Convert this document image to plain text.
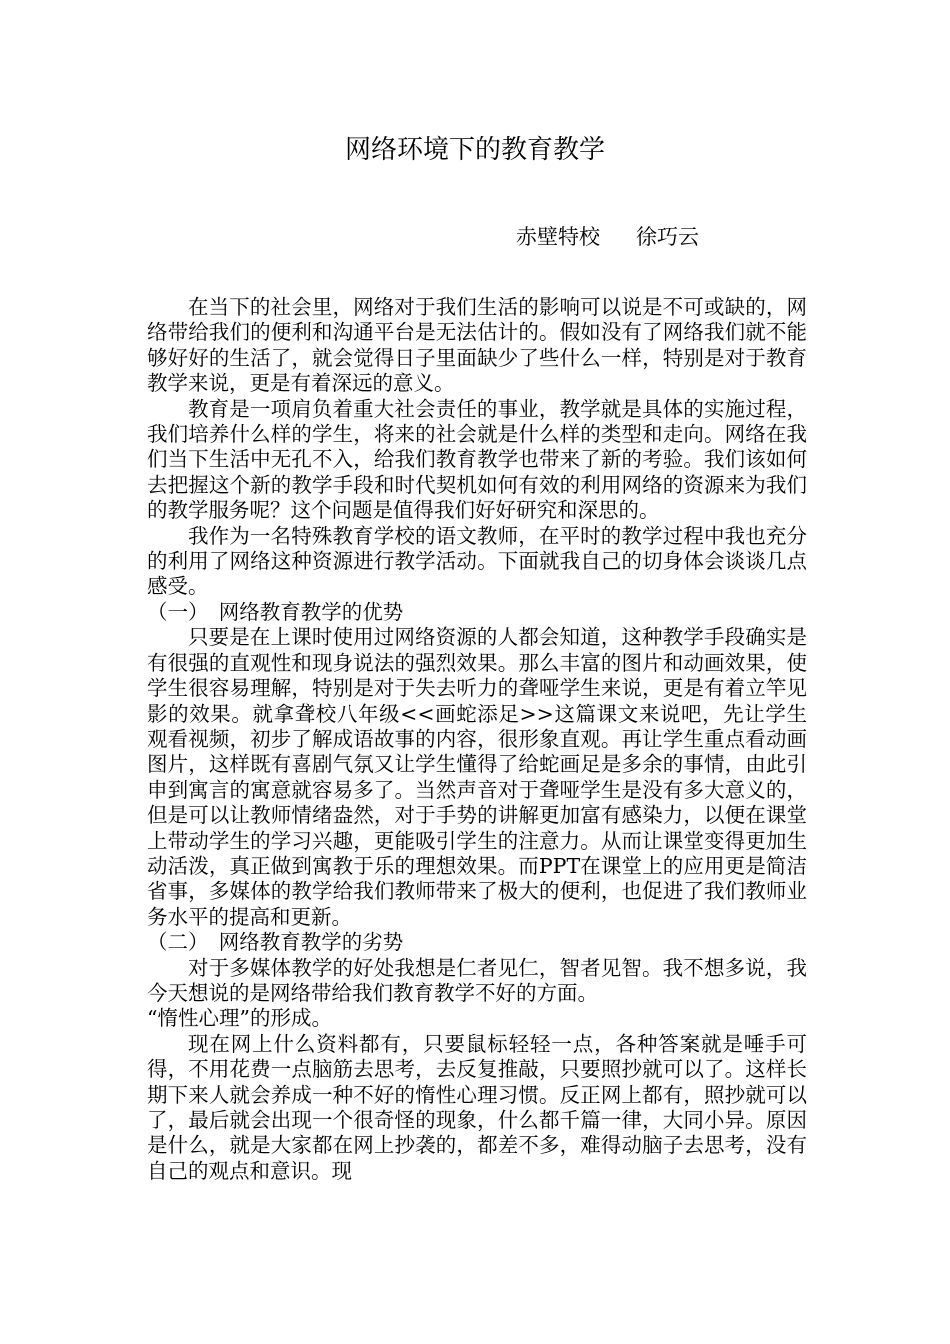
网络环境下的教育教学
赤壁特校 徐巧云

在当下的社会里，网络对于我们生活的影响可以说是不可或缺的，网络带给我们的便利和沟通平台是无法估计的。假如没有了网络我们就不能够好好的生活了，就会觉得日子里面缺少了些什么一样，特别是对于教育教学来说，更是有着深远的意义。

教育是一项肩负着重大社会责任的事业，教学就是具体的实施过程，我们培养什么样的学生，将来的社会就是什么样的类型和走向。网络在我们当下生活中无孔不入，给我们教育教学也带来了新的考验。我们该如何去把握这个新的教学手段和时代契机如何有效的利用网络的资源来为我们的教学服务呢？这个问题是值得我们好好研究和深思的。

我作为一名特殊教育学校的语文教师，在平时的教学过程中我也充分的利用了网络这种资源进行教学活动。下面就我自己的切身体会谈谈几点感受。

（一）　网络教育教学的优势

只要是在上课时使用过网络资源的人都会知道，这种教学手段确实是有很强的直观性和现身说法的强烈效果。那么丰富的图片和动画效果，使学生很容易理解，特别是对于失去听力的聋哑学生来说，更是有着立竿见影的效果。就拿聋校八年级<<画蛇添足>>这篇课文来说吧，先让学生观看视频，初步了解成语故事的内容，很形象直观。再让学生重点看动画图片，这样既有喜剧气氛又让学生懂得了给蛇画足是多余的事情，由此引申到寓言的寓意就容易多了。当然声音对于聋哑学生是没有多大意义的，但是可以让教师情绪盎然，对于手势的讲解更加富有感染力，以便在课堂上带动学生的学习兴趣，更能吸引学生的注意力。从而让课堂变得更加生动活泼，真正做到寓教于乐的理想效果。而PPT在课堂上的应用更是简洁省事，多媒体的教学给我们教师带来了极大的便利，也促进了我们教师业务水平的提高和更新。

（二）　网络教育教学的劣势

对于多媒体教学的好处我想是仁者见仁，智者见智。我不想多说，我今天想说的是网络带给我们教育教学不好的方面。

“惰性心理”的形成。

现在网上什么资料都有，只要鼠标轻轻一点，各种答案就是唾手可得，不用花费一点脑筋去思考，去反复推敲，只要照抄就可以了。这样长期下来人就会养成一种不好的惰性心理习惯。反正网上都有，照抄就可以了，最后就会出现一个很奇怪的现象，什么都千篇一律，大同小异。原因是什么，就是大家都在网上抄袭的，都差不多，难得动脑子去思考，没有自己的观点和意识。现
